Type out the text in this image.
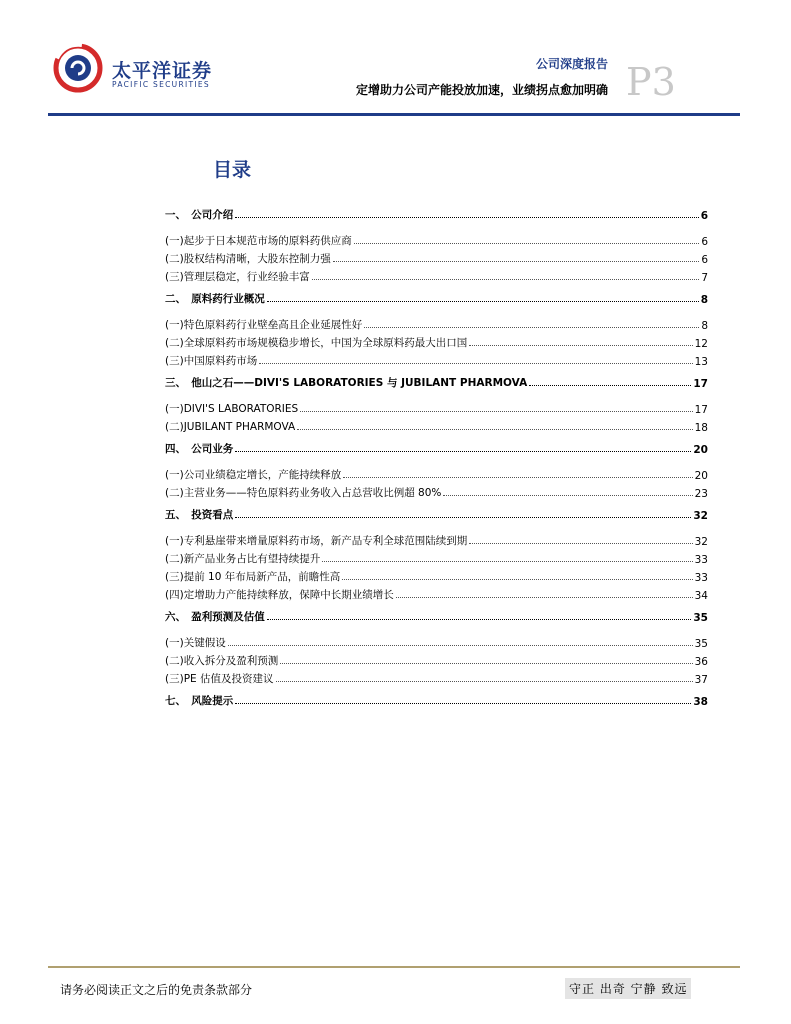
太平洋证券
PACIFIC SECURITIES
公司深度报告
定增助力公司产能投放加速，业绩拐点愈加明确 P3
目录
一、　公司介绍	6
(一)起步于日本规范市场的原料药供应商	6
(二)股权结构清晰，大股东控制力强	6
(三)管理层稳定，行业经验丰富	7
二、　原料药行业概况	8
(一)特色原料药行业壁垒高且企业延展性好	8
(二)全球原料药市场规模稳步增长，中国为全球原料药最大出口国	12
(三)中国原料药市场	13
三、　他山之石——DIVI'S LABORATORIES 与 JUBILANT PHARMOVA	17
(一)DIVI'S LABORATORIES	17
(二)JUBILANT PHARMOVA	18
四、　公司业务	20
(一)公司业绩稳定增长，产能持续释放	20
(二)主营业务——特色原料药业务收入占总营收比例超 80%	23
五、　投资看点	32
(一)专利悬崖带来增量原料药市场，新产品专利全球范围陆续到期	32
(二)新产品业务占比有望持续提升	33
(三)提前 10 年布局新产品，前瞻性高	33
(四)定增助力产能持续释放，保障中长期业绩增长	34
六、　盈利预测及估值	35
(一)关键假设	35
(二)收入拆分及盈利预测	36
(三)PE 估值及投资建议	37
七、　风险提示	38
请务必阅读正文之后的免责条款部分	守正 出奇 宁静 致远
